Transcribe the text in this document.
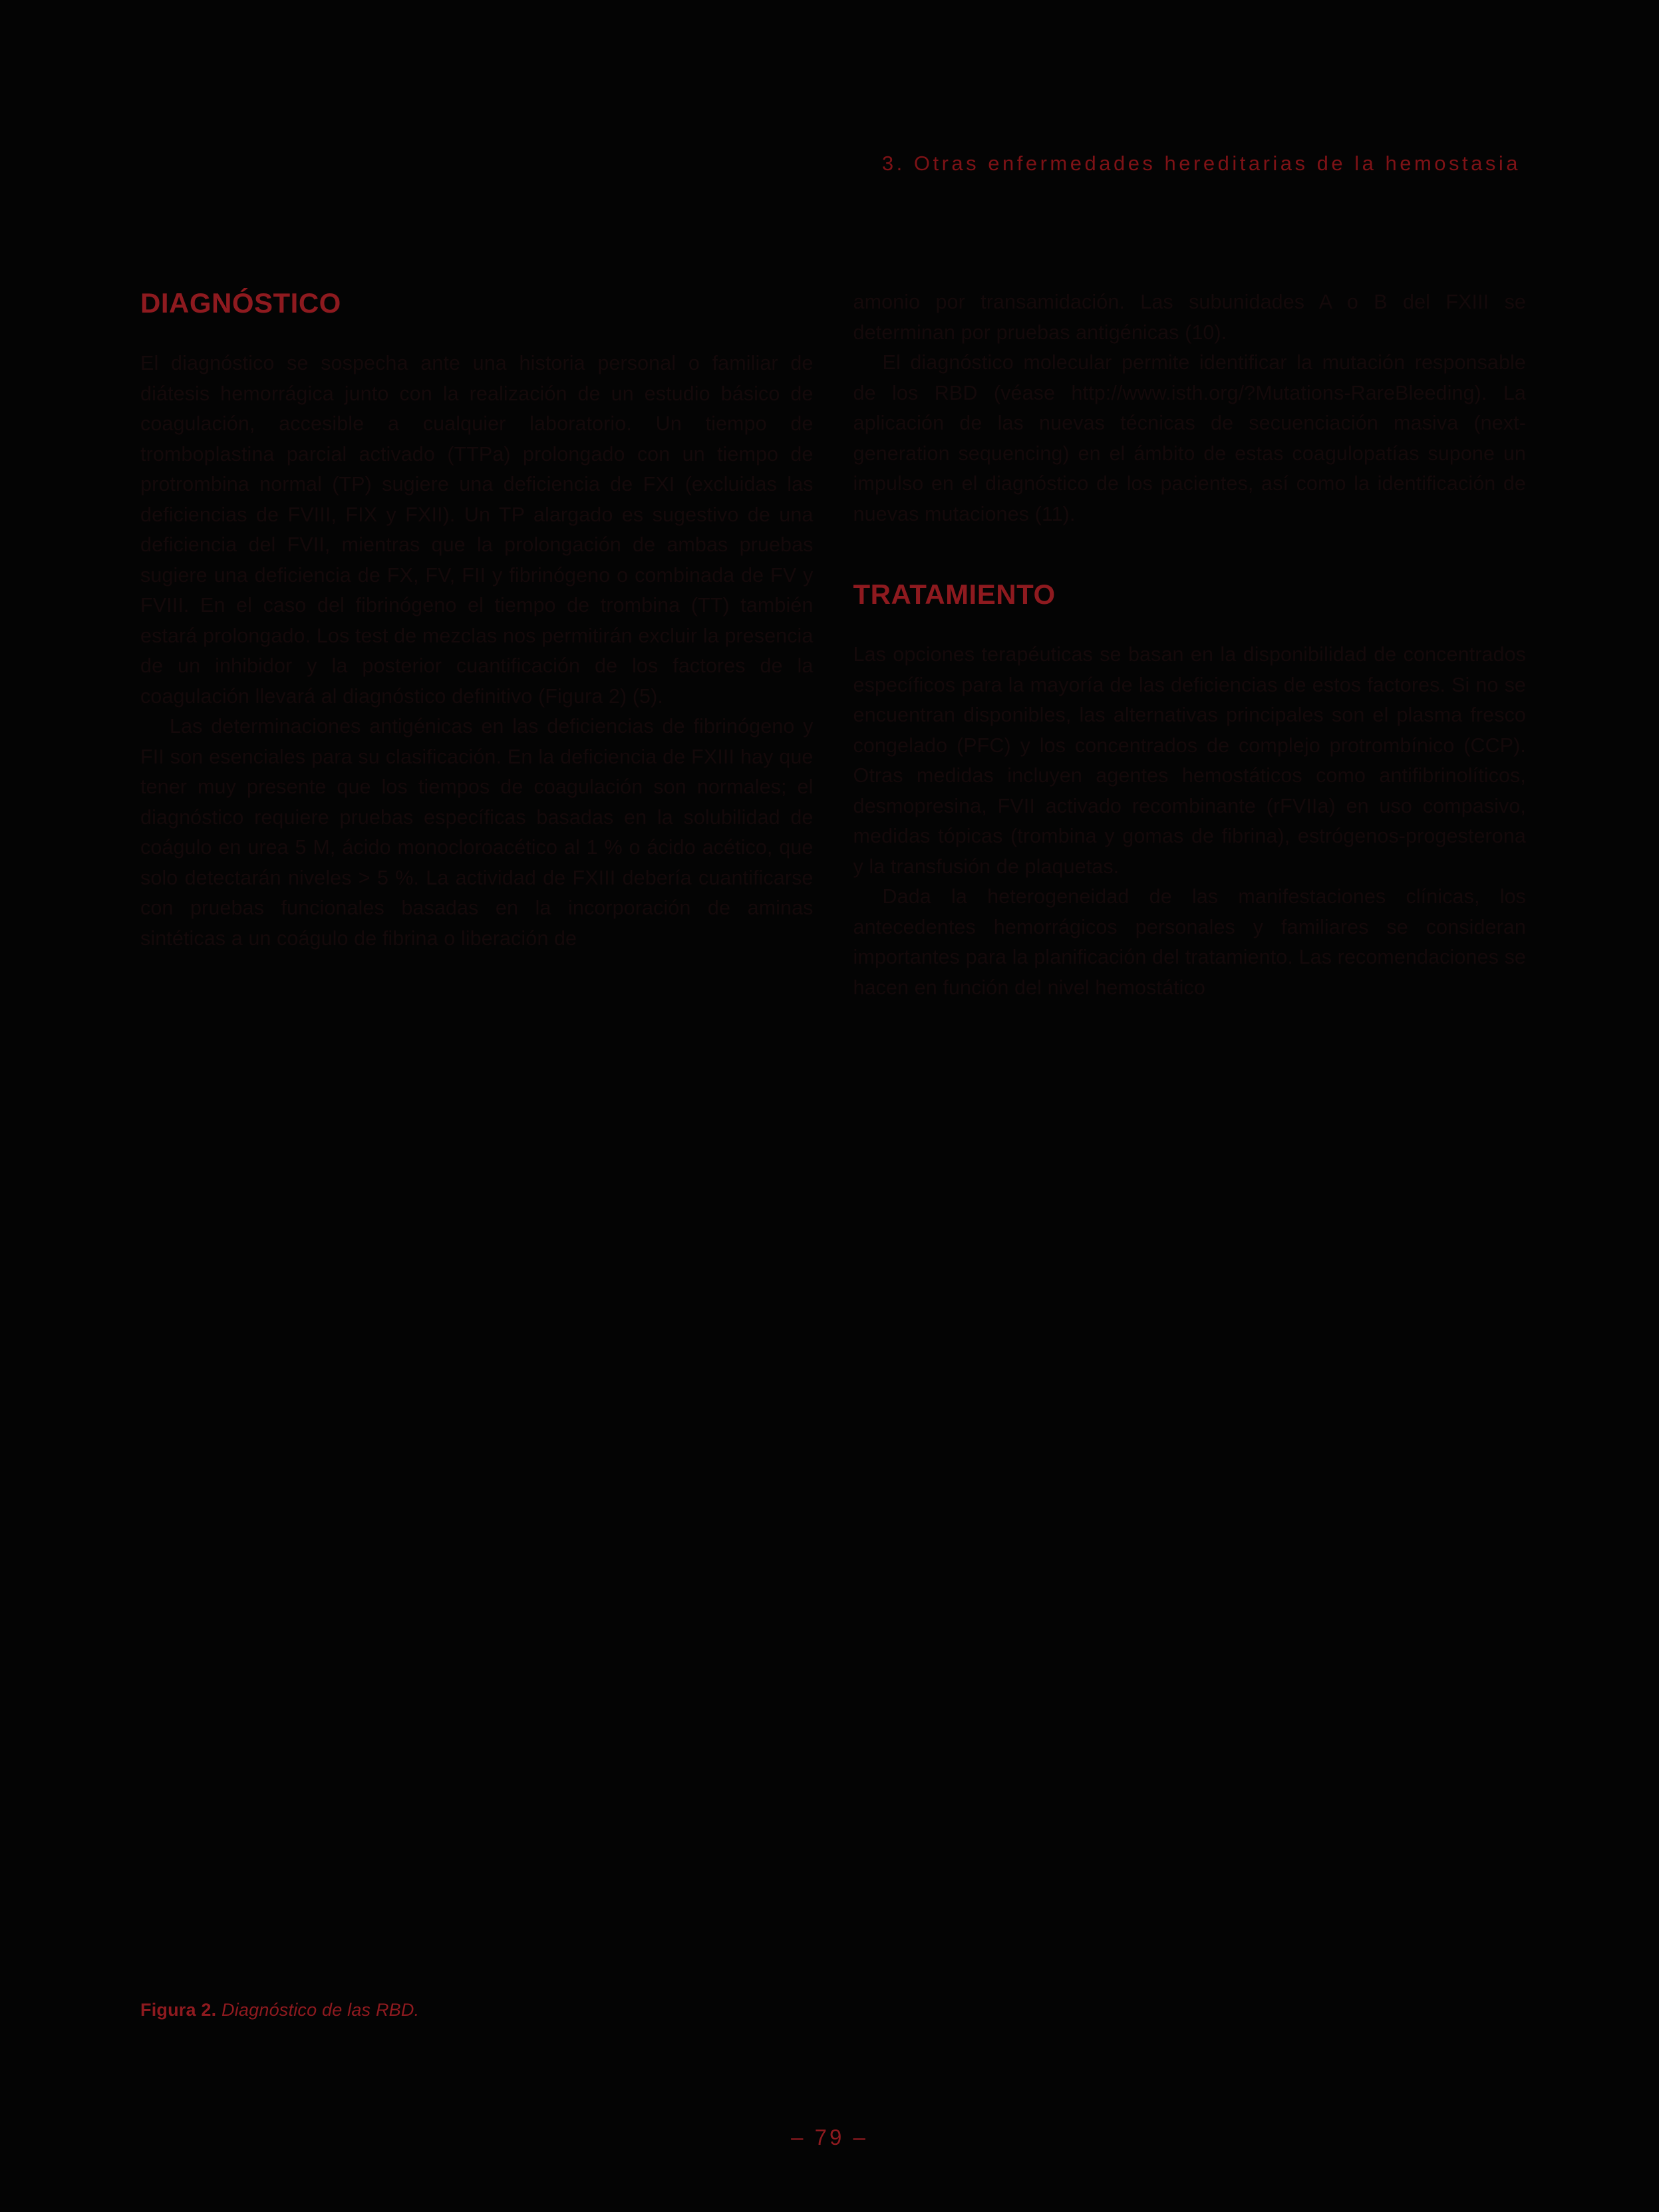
3. Otras enfermedades hereditarias de la hemostasia
DIAGNÓSTICO

El diagnóstico se sospecha ante una historia personal o familiar de diátesis hemorrágica junto con la realización de un estudio básico de coagulación, accesible a cualquier laboratorio. Un tiempo de tromboplastina parcial activado (TTPa) prolongado con un tiempo de protrombina normal (TP) sugiere una deficiencia de FXI (excluidas las deficiencias de FVIII, FIX y FXII). Un TP alargado es sugestivo de una deficiencia del FVII, mientras que la prolongación de ambas pruebas sugiere una deficiencia de FX, FV, FII y fibrinógeno o combinada de FV y FVIII. En el caso del fibrinógeno el tiempo de trombina (TT) también estará prolongado. Los test de mezclas nos permitirán excluir la presencia de un inhibidor y la posterior cuantificación de los factores de la coagulación llevará al diagnóstico definitivo (Figura 2) (5).

Las determinaciones antigénicas en las deficiencias de fibrinógeno y FII son esenciales para su clasificación. En la deficiencia de FXIII hay que tener muy presente que los tiempos de coagulación son normales; el diagnóstico requiere pruebas específicas basadas en la solubilidad de coágulo en urea 5 M, ácido monocloroacético al 1 % o ácido acético, que solo detectarán niveles > 5 %. La actividad de FXIII debería cuantificarse con pruebas funcionales basadas en la incorporación de aminas sintéticas a un coágulo de fibrina o liberación de

amonio por transamidación. Las subunidades A o B del FXIII se determinan por pruebas antigénicas (10).

El diagnóstico molecular permite identificar la mutación responsable de los RBD (véase http://www.isth.org/?Mutations-RareBleeding). La aplicación de las nuevas técnicas de secuenciación masiva (next-generation sequencing) en el ámbito de estas coagulopatías supone un impulso en el diagnóstico de los pacientes, así como la identificación de nuevas mutaciones (11).

TRATAMIENTO

Las opciones terapéuticas se basan en la disponibilidad de concentrados específicos para la mayoría de las deficiencias de estos factores. Si no se encuentran disponibles, las alternativas principales son el plasma fresco congelado (PFC) y los concentrados de complejo protrombínico (CCP). Otras medidas incluyen agentes hemostáticos como antifibrinolíticos, desmopresina, FVII activado recombinante (rFVIIa) en uso compasivo, medidas tópicas (trombina y gomas de fibrina), estrógenos-progesterona y la transfusión de plaquetas.

Dada la heterogeneidad de las manifestaciones clínicas, los antecedentes hemorrágicos personales y familiares se consideran importantes para la planificación del tratamiento. Las recomendaciones se hacen en función del nivel hemostático

Figura 2. Diagnóstico de las RBD.
– 79 –
